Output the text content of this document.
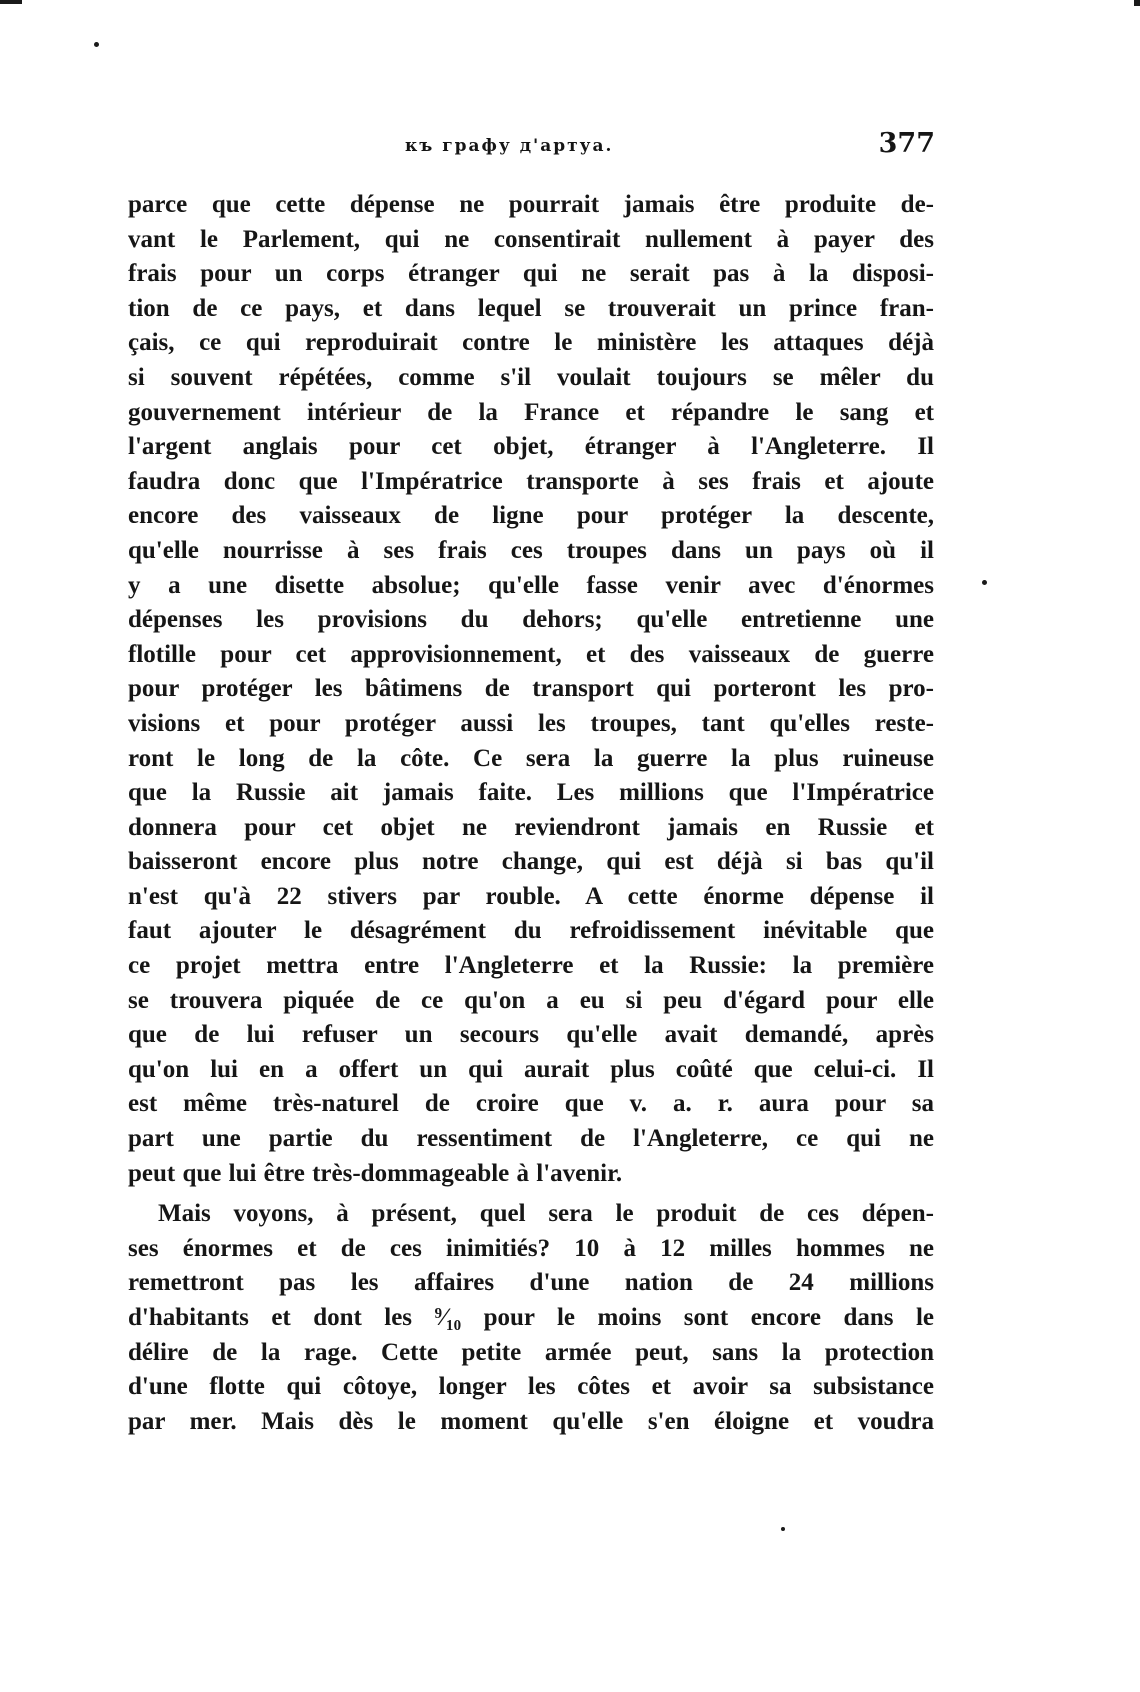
къ графу д'артуа.	377
parce que cette dépense ne pourrait jamais être produite de-
vant le Parlement, qui ne consentirait nullement à payer des
frais pour un corps étranger qui ne serait pas à la disposi-
tion de ce pays, et dans lequel se trouverait un prince fran-
çais, ce qui reproduirait contre le ministère les attaques déjà
si souvent répétées, comme s'il voulait toujours se mêler du
gouvernement intérieur de la France et répandre le sang et
l'argent anglais pour cet objet, étranger à l'Angleterre. Il
faudra donc que l'Impératrice transporte à ses frais et ajoute
encore des vaisseaux de ligne pour protéger la descente,
qu'elle nourrisse à ses frais ces troupes dans un pays où il
y a une disette absolue; qu'elle fasse venir avec d'énormes
dépenses les provisions du dehors; qu'elle entretienne une
flotille pour cet approvisionnement, et des vaisseaux de guerre
pour protéger les bâtimens de transport qui porteront les pro-
visions et pour protéger aussi les troupes, tant qu'elles reste-
ront le long de la côte. Ce sera la guerre la plus ruineuse
que la Russie ait jamais faite. Les millions que l'Impératrice
donnera pour cet objet ne reviendront jamais en Russie et
baisseront encore plus notre change, qui est déjà si bas qu'il
n'est qu'à 22 stivers par rouble. A cette énorme dépense il
faut ajouter le désagrément du refroidissement inévitable que
ce projet mettra entre l'Angleterre et la Russie: la première
se trouvera piquée de ce qu'on a eu si peu d'égard pour elle
que de lui refuser un secours qu'elle avait demandé, après
qu'on lui en a offert un qui aurait plus coûté que celui-ci. Il
est même très-naturel de croire que v. a. r. aura pour sa
part une partie du ressentiment de l'Angleterre, ce qui ne
peut que lui être très-dommageable à l'avenir.
Mais voyons, à présent, quel sera le produit de ces dépen-
ses énormes et de ces inimitiés? 10 à 12 milles hommes ne
remettront pas les affaires d'une nation de 24 millions
d'habitants et dont les ⁹⁄₁₀ pour le moins sont encore dans le
délire de la rage. Cette petite armée peut, sans la protection
d'une flotte qui côtoye, longer les côtes et avoir sa subsistance
par mer. Mais dès le moment qu'elle s'en éloigne et voudra
